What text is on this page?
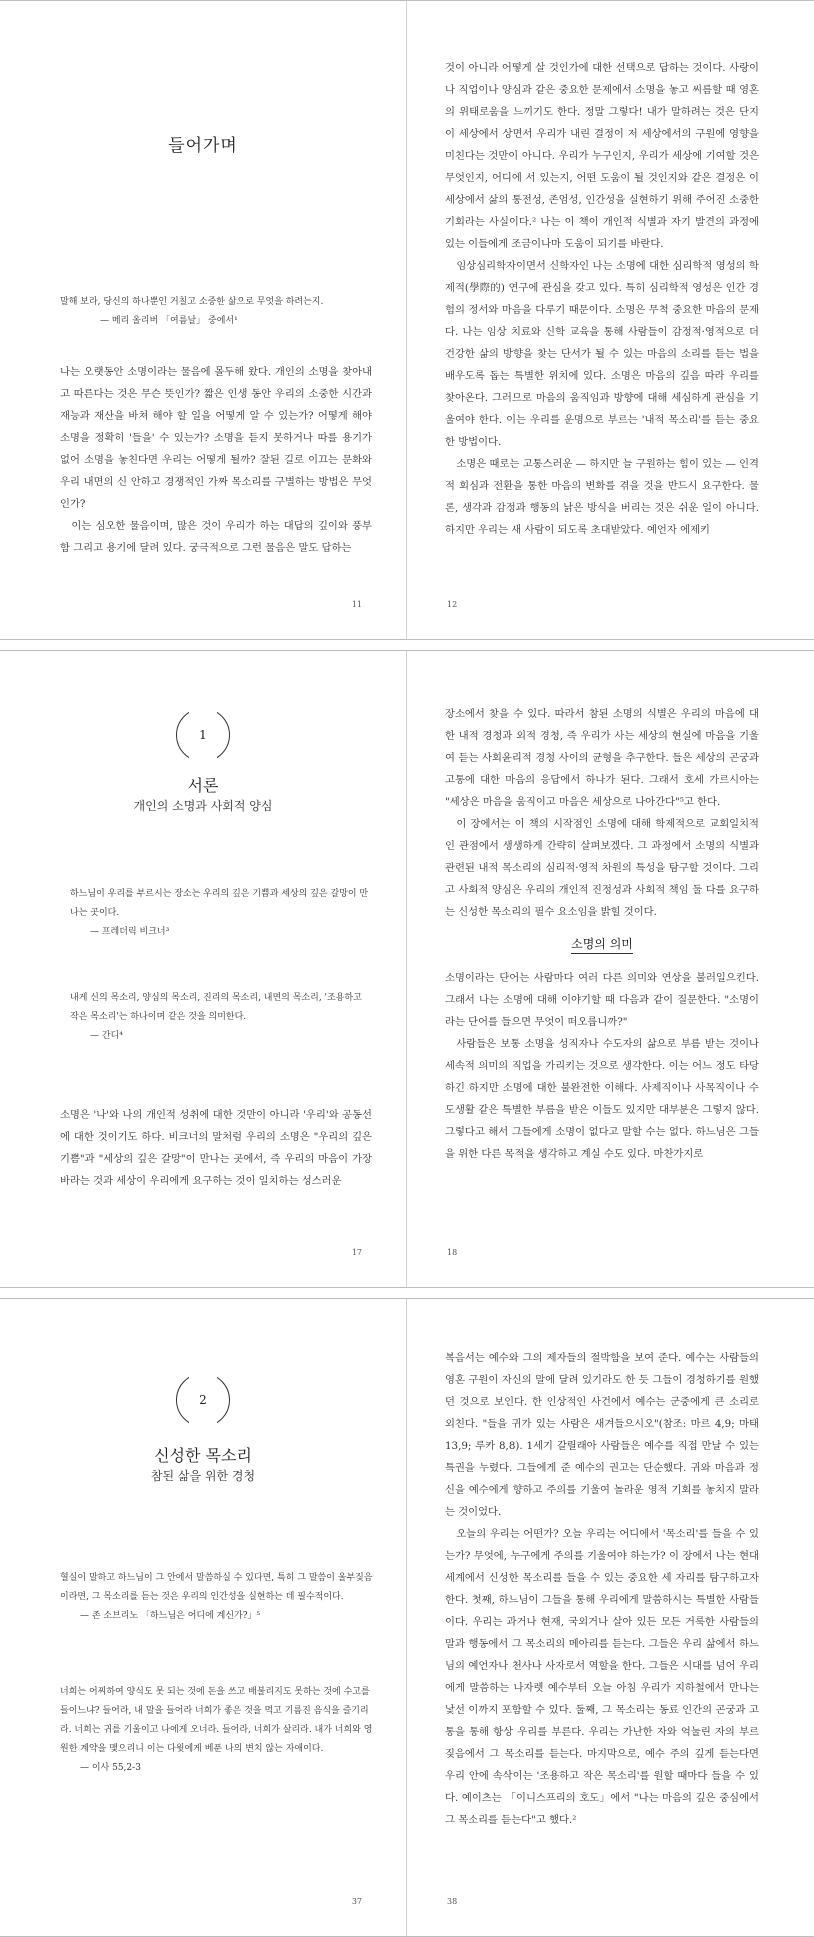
들어가며
말해 보라, 당신의 하나뿐인 거칠고 소중한 삶으로 무엇을 하려는지.
— 메리 올리버 「여름날」 중에서¹

나는 오랫동안 소명이라는 물음에 몰두해 왔다. 개인의 소명을 찾아내고 따른다는 것은 무슨 뜻인가? 짧은 인생 동안 우리의 소중한 시간과 재능과 재산을 바쳐 해야 할 일을 어떻게 알 수 있는가? 어떻게 해야 소명을 정확히 '들을' 수 있는가? 소명을 듣지 못하거나 따를 용기가 없어 소명을 놓친다면 우리는 어떻게 될까? 잘된 길로 이끄는 문화와 우리 내면의 신 안하고 경쟁적인 가짜 목소리를 구별하는 방법은 무엇인가?

이는 심오한 물음이며, 많은 것이 우리가 하는 대답의 깊이와 풍부함 그리고 용기에 달려 있다. 궁극적으로 그런 물음은 말도 답하는

11

것이 아니라 어떻게 살 것인가에 대한 선택으로 답하는 것이다. 사랑이나 직업이나 양심과 같은 중요한 문제에서 소명을 놓고 씨름할 때 영혼의 위태로움을 느끼기도 한다. 정말 그렇다! 내가 말하려는 것은 단지 이 세상에서 상면서 우리가 내린 결정이 저 세상에서의 구원에 영향을 미친다는 것만이 아니다. 우리가 누구인지, 우리가 세상에 기여할 것은 무엇인지, 어디에 서 있는지, 어떤 도움이 될 것인지와 같은 결정은 이 세상에서 삶의 통전성, 존엄성, 인간성을 실현하기 위해 주어진 소중한 기회라는 사실이다.² 나는 이 책이 개인적 식별과 자기 발견의 과정에 있는 이들에게 조금이나마 도움이 되기를 바란다.

임상심리학자이면서 신학자인 나는 소명에 대한 심리학적 영성의 학제적(學際的) 연구에 관심을 갖고 있다. 특히 심리학적 영성은 인간 경험의 정서와 마음을 다루기 때문이다. 소명은 무척 중요한 마음의 문제다. 나는 임상 치료와 신학 교육을 통해 사람들이 감정적·영적으로 더 건강한 삶의 방향을 찾는 단서가 될 수 있는 마음의 소리를 듣는 법을 배우도록 돕는 특별한 위치에 있다. 소명은 마음의 깊음 따라 우리를 찾아온다. 그러므로 마음의 움직임과 방향에 대해 세심하게 관심을 기울여야 한다. 이는 우리를 운명으로 부르는 '내적 목소리'를 듣는 중요한 방법이다.

소명은 때로는 고통스러운 — 하지만 늘 구원하는 힘이 있는 — 인격적 회심과 전환을 통한 마음의 변화를 겪을 것을 반드시 요구한다. 물론, 생각과 감정과 행동의 낡은 방식을 버리는 것은 쉬운 일이 아니다. 하지만 우리는 새 사람이 되도록 초대받았다. 예언자 에제키

12
1
서론
개인의 소명과 사회적 양심
하느님이 우리를 부르시는 장소는 우리의 깊은 기쁨과 세상의 깊은 갈망이 만나는 곳이다.
— 프레더릭 비크너³
내게 신의 목소리, 양심의 목소리, 진리의 목소리, 내면의 목소리, '조용하고 작은 목소리'는 하나이며 같은 것을 의미한다.
— 간디⁴

소명은 '나'와 나의 개인적 성취에 대한 것만이 아니라 '우리'와 공동선에 대한 것이기도 하다. 비크너의 말처럼 우리의 소명은 "우리의 깊은 기쁨"과 "세상의 깊은 갈망"이 만나는 곳에서, 즉 우리의 마음이 가장 바라는 것과 세상이 우리에게 요구하는 것이 일치하는 성스러운

17

장소에서 찾을 수 있다. 따라서 참된 소명의 식별은 우리의 마음에 대한 내적 경청과 외적 경청, 즉 우리가 사는 세상의 현실에 마음을 기울여 듣는 사회윤리적 경청 사이의 균형을 추구한다. 들은 세상의 곤궁과 고통에 대한 마음의 응답에서 하나가 된다. 그래서 호세 가르시아는 "세상은 마음을 움직이고 마음은 세상으로 나아간다"⁵고 한다.

이 장에서는 이 책의 시작점인 소명에 대해 학제적으로 교회일치적인 관점에서 생생하게 간략히 살펴보겠다. 그 과정에서 소명의 식별과 관련된 내적 목소리의 심리적·영적 차원의 특성을 탐구할 것이다. 그리고 사회적 양심은 우리의 개인적 진정성과 사회적 책임 둘 다를 요구하는 신성한 목소리의 필수 요소임을 밝힐 것이다.

소명의 의미

소명이라는 단어는 사람마다 여러 다른 의미와 연상을 불러일으킨다. 그래서 나는 소명에 대해 이야기할 때 다음과 같이 질문한다. "소명이라는 단어를 들으면 무엇이 떠오릅니까?"

사람들은 보통 소명을 성직자나 수도자의 삶으로 부름 받는 것이나 세속적 의미의 직업을 가리키는 것으로 생각한다. 이는 어느 정도 타당하긴 하지만 소명에 대한 불완전한 이해다. 사제직이나 사목직이나 수도생활 같은 특별한 부름을 받은 이들도 있지만 대부분은 그렇지 않다. 그렇다고 해서 그들에게 소명이 없다고 말할 수는 없다. 하느님은 그들을 위한 다른 목적을 생각하고 계실 수도 있다. 마찬가지로

18
2
신성한 목소리
참된 삶을 위한 경청
혈실이 말하고 하느님이 그 안에서 말씀하실 수 있다면, 특히 그 말씀이 울부짖음이라면, 그 목소리를 듣는 것은 우리의 인간성을 실현하는 데 필수적이다.
— 존 소브리노 「하느님은 어디에 계신가?」⁵
너희는 어찌하여 양식도 못 되는 것에 돈을 쓰고 배불리지도 못하는 것에 수고를 들이느냐? 들어라, 내 말을 들어라 너희가 좋은 것을 먹고 기름진 음식을 즐기리라. 너희는 귀를 기울이고 나에게 오너라. 들어라, 너희가 살리라. 내가 너희와 영원한 계약을 맺으리니 이는 다윗에게 베푼 나의 변치 않는 자애이다.
— 이사 55,2-3
37

복음서는 예수와 그의 제자들의 절박함을 보여 준다. 예수는 사람들의 영혼 구원이 자신의 말에 달려 있기라도 한 듯 그들이 경청하기를 원했던 것으로 보인다. 한 인상적인 사건에서 예수는 군중에게 큰 소리로 외친다. "들을 귀가 있는 사람은 새겨들으시오"(참조: 마르 4,9; 마태 13,9; 루카 8,8). 1세기 갈릴래아 사람들은 예수를 직접 만날 수 있는 특권을 누렸다. 그들에게 준 예수의 권고는 단순했다. 귀와 마음과 정신을 예수에게 향하고 주의를 기울여 놀라운 영적 기회를 놓치지 말라는 것이었다.

오늘의 우리는 어떤가? 오늘 우리는 어디에서 '목소리'를 들을 수 있는가? 무엇에, 누구에게 주의를 기울여야 하는가? 이 장에서 나는 현대 세계에서 신성한 목소리를 들을 수 있는 중요한 세 자리를 탐구하고자 한다. 첫째, 하느님이 그들을 통해 우리에게 말씀하시는 특별한 사람들이다. 우리는 과거나 현재, 국외거나 살아 있든 모든 거룩한 사람들의 말과 행동에서 그 목소리의 메아리를 듣는다. 그들은 우리 삶에서 하느님의 예언자나 천사나 사자로서 역할을 한다. 그들은 시대를 넘어 우리에게 말씀하는 나자렛 예수부터 오늘 아침 우리가 지하철에서 만나는 낯선 이까지 포함할 수 있다. 둘째, 그 목소리는 동료 인간의 곤궁과 고통을 통해 항상 우리를 부른다. 우리는 가난한 자와 억눌린 자의 부르짖음에서 그 목소리를 듣는다. 마지막으로, 예수 주의 깊게 듣는다면 우리 안에 속삭이는 '조용하고 작은 목소리'를 원할 때마다 들을 수 있다. 예이츠는 「이니스프리의 호도」에서 "나는 마음의 깊은 중심에서 그 목소리를 듣는다"고 했다.²

38
